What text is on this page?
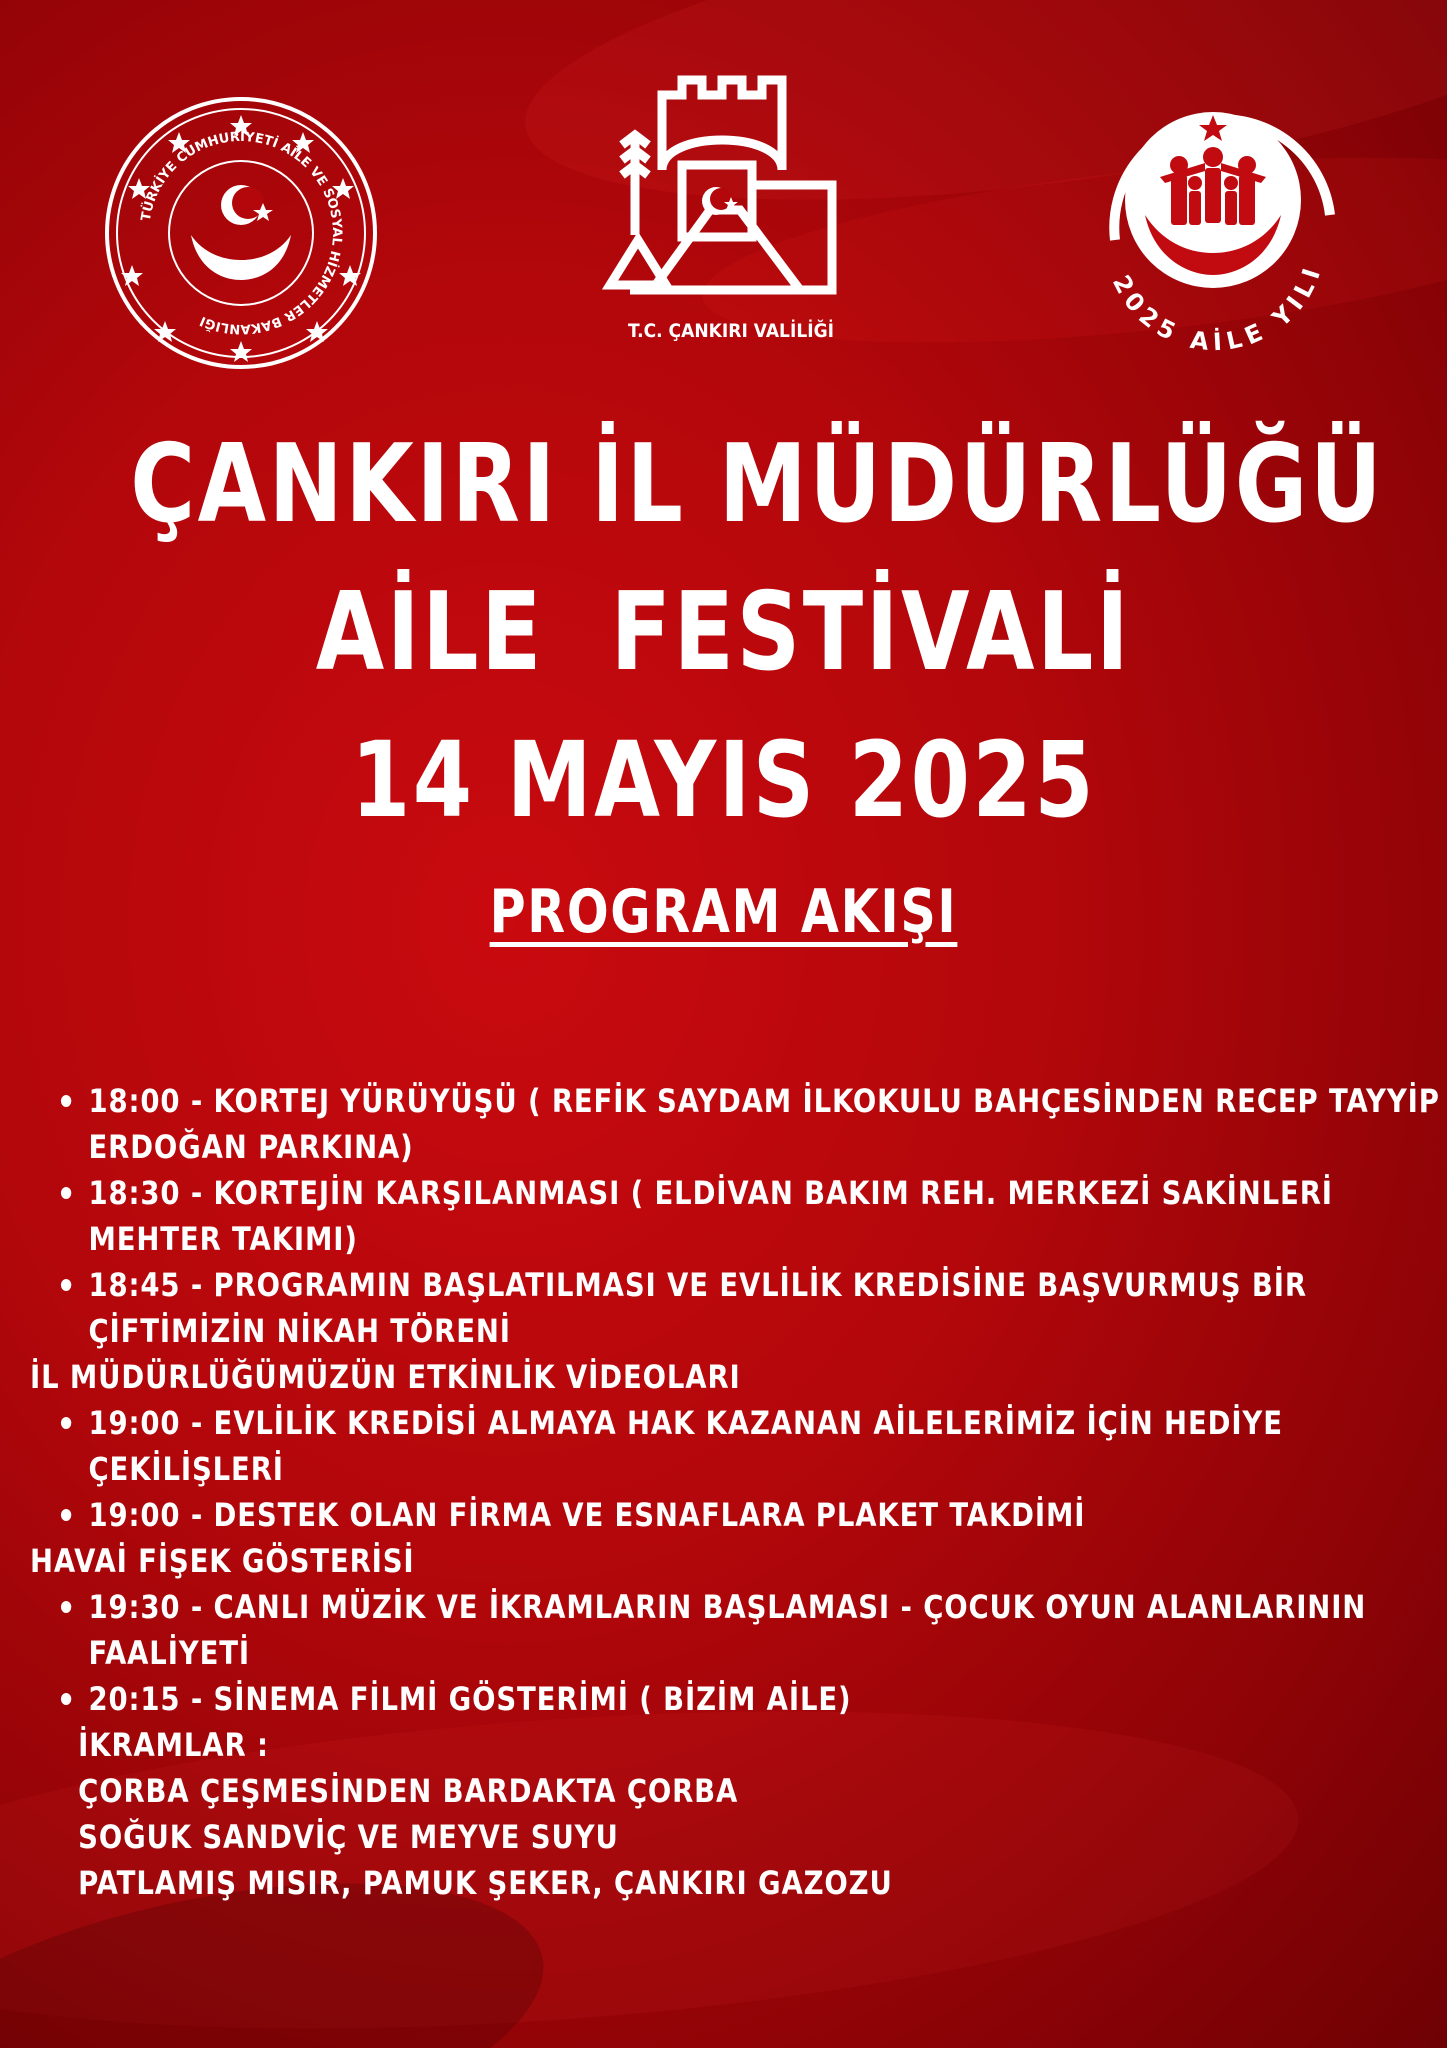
TÜRKİYE CUMHURİYETİ AİLE VE SOSYAL HİZMETLER BAKANLIĞI	T.C. ÇANKIRI VALİLİĞİ
2025 AİLE YILI
ÇANKIRI İL MÜDÜRLÜĞÜ
AİLE  FESTİVALİ
14 MAYIS 2025
PROGRAM AKIŞI
18:00 - KORTEJ YÜRÜYÜŞÜ ( REFİK SAYDAM İLKOKULU BAHÇESİNDEN RECEP TAYYİP
ERDOĞAN PARKINA)
18:30 - KORTEJİN KARŞILANMASI ( ELDİVAN BAKIM REH. MERKEZİ SAKİNLERİ
MEHTER TAKIMI)
18:45 - PROGRAMIN BAŞLATILMASI VE EVLİLİK KREDİSİNE BAŞVURMUŞ BİR
ÇİFTİMİZİN NİKAH TÖRENİ
İL MÜDÜRLÜĞÜMÜZÜN ETKİNLİK VİDEOLARI
19:00 - EVLİLİK KREDİSİ ALMAYA HAK KAZANAN AİLELERİMİZ İÇİN HEDİYE
ÇEKİLİŞLERİ
19:00 - DESTEK OLAN FİRMA VE ESNAFLARA PLAKET TAKDİMİ
HAVAİ FİŞEK GÖSTERİSİ
19:30 - CANLI MÜZİK VE İKRAMLARIN BAŞLAMASI - ÇOCUK OYUN ALANLARININ
FAALİYETİ
20:15 - SİNEMA FİLMİ GÖSTERİMİ ( BİZİM AİLE)
İKRAMLAR :
ÇORBA ÇEŞMESİNDEN BARDAKTA ÇORBA
SOĞUK SANDVİÇ VE MEYVE SUYU
PATLAMIŞ MISIR, PAMUK ŞEKER, ÇANKIRI GAZOZU
